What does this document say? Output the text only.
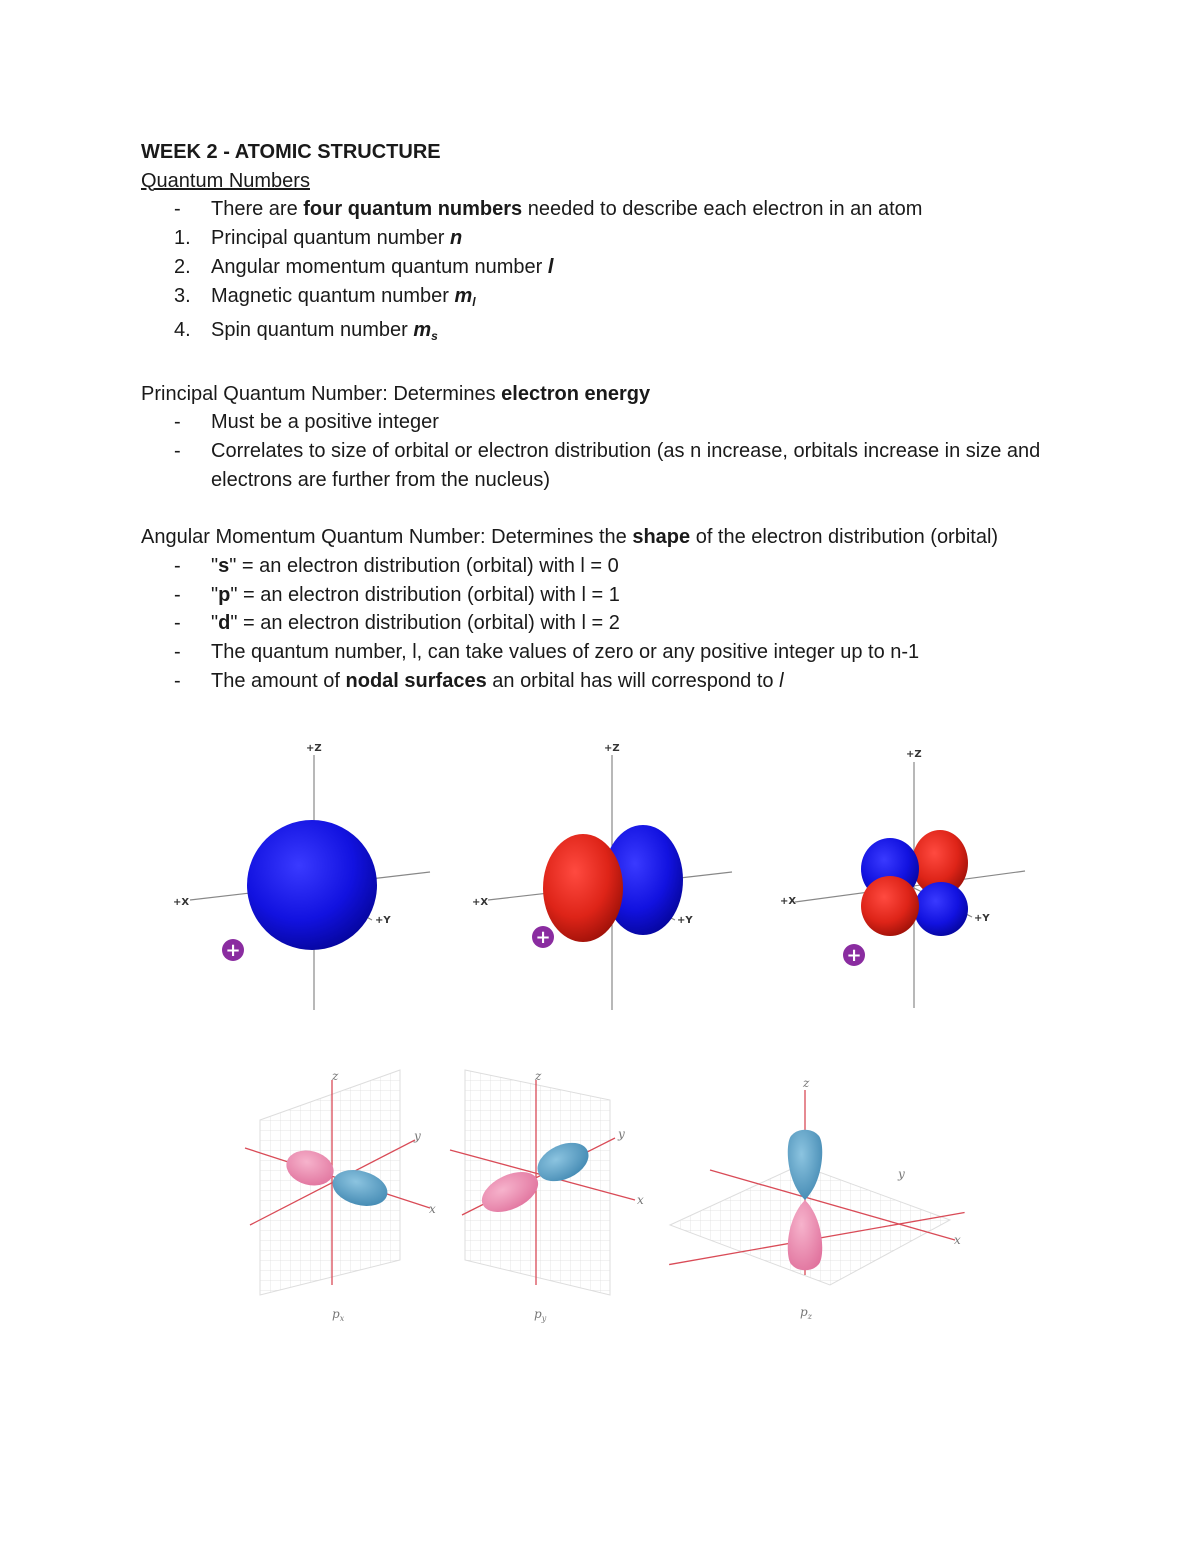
WEEK 2 - ATOMIC STRUCTURE
Quantum Numbers
- There are four quantum numbers needed to describe each electron in an atom
1. Principal quantum number n
2. Angular momentum quantum number l
3. Magnetic quantum number $m_l$
4. Spin quantum number $m_s$
Principal Quantum Number: Determines electron energy
- Must be a positive integer
- Correlates to size of orbital or electron distribution (as n increase, orbitals increase in size and electrons are further from the nucleus)
Angular Momentum Quantum Number: Determines the shape of the electron distribution (orbital)
- "s" = an electron distribution (orbital) with l = 0
- "p" = an electron distribution (orbital) with l = 1
- "d" = an electron distribution (orbital) with l = 2
- The quantum number, l, can take values of zero or any positive integer up to n-1
- The amount of nodal surfaces an orbital has will correspond to l
+Z
+X
+Y
+
+Z
+X
+Y
+
+Z
+X
+Y
+
z
y
x
$p_x$
z
y
x
$p_y$
z
y
x
$p_z$
